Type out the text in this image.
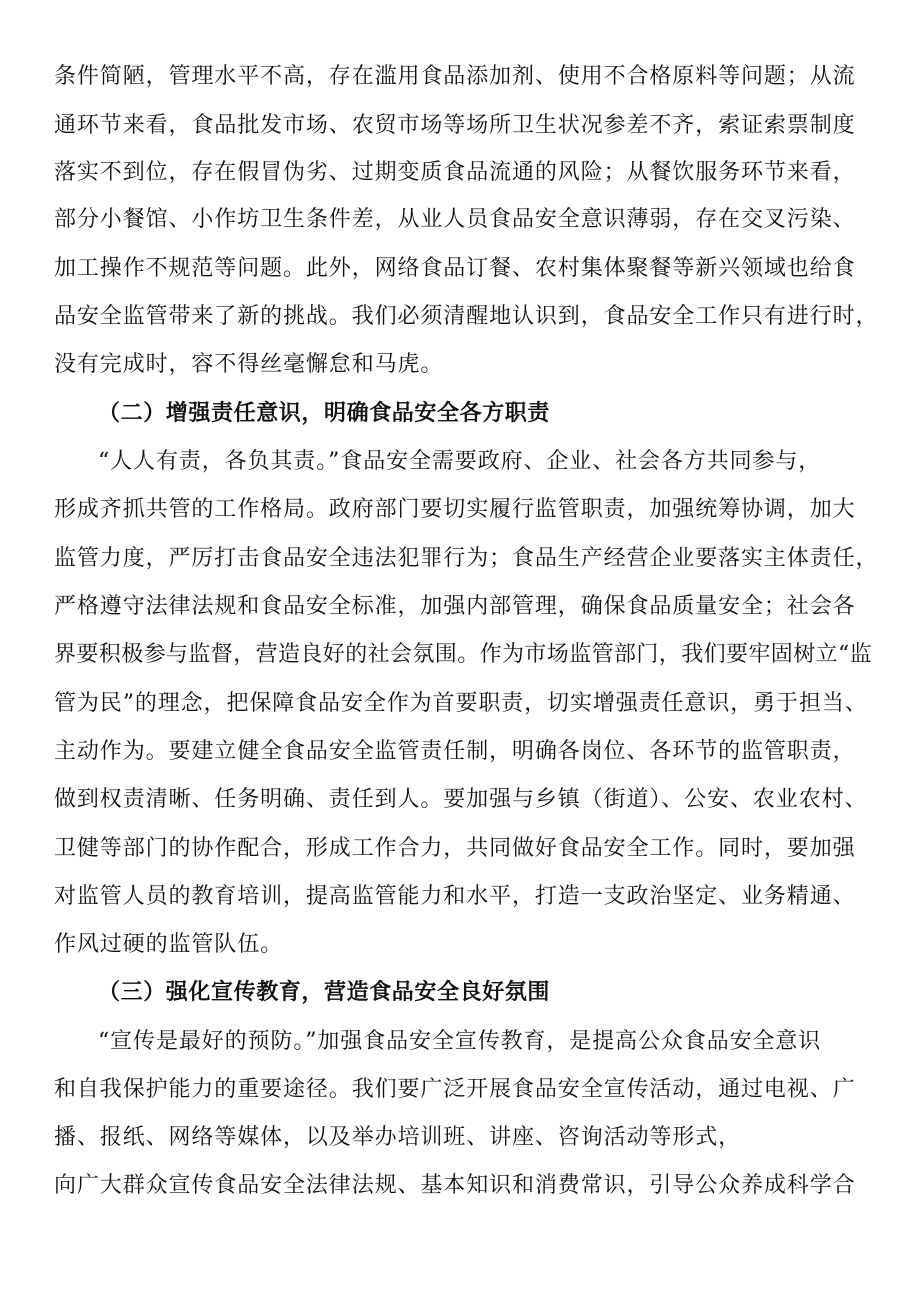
条件简陋，管理水平不高，存在滥用食品添加剂、使用不合格原料等问题；从流
通环节来看，食品批发市场、农贸市场等场所卫生状况参差不齐，索证索票制度
落实不到位，存在假冒伪劣、过期变质食品流通的风险；从餐饮服务环节来看，
部分小餐馆、小作坊卫生条件差，从业人员食品安全意识薄弱，存在交叉污染、
加工操作不规范等问题。此外，网络食品订餐、农村集体聚餐等新兴领域也给食
品安全监管带来了新的挑战。我们必须清醒地认识到，食品安全工作只有进行时，
没有完成时，容不得丝毫懈怠和马虎。
（二）增强责任意识，明确食品安全各方职责
“人人有责，各负其责。”食品安全需要政府、企业、社会各方共同参与，
形成齐抓共管的工作格局。政府部门要切实履行监管职责，加强统筹协调，加大
监管力度，严厉打击食品安全违法犯罪行为；食品生产经营企业要落实主体责任，
严格遵守法律法规和食品安全标准，加强内部管理，确保食品质量安全；社会各
界要积极参与监督，营造良好的社会氛围。作为市场监管部门，我们要牢固树立“监
管为民”的理念，把保障食品安全作为首要职责，切实增强责任意识，勇于担当、
主动作为。要建立健全食品安全监管责任制，明确各岗位、各环节的监管职责，
做到权责清晰、任务明确、责任到人。要加强与乡镇（街道）、公安、农业农村、
卫健等部门的协作配合，形成工作合力，共同做好食品安全工作。同时，要加强
对监管人员的教育培训，提高监管能力和水平，打造一支政治坚定、业务精通、
作风过硬的监管队伍。
（三）强化宣传教育，营造食品安全良好氛围
“宣传是最好的预防。”加强食品安全宣传教育，是提高公众食品安全意识
和自我保护能力的重要途径。我们要广泛开展食品安全宣传活动，通过电视、广
播、报纸、网络等媒体，以及举办培训班、讲座、咨询活动等形式，
向广大群众宣传食品安全法律法规、基本知识和消费常识，引导公众养成科学合
